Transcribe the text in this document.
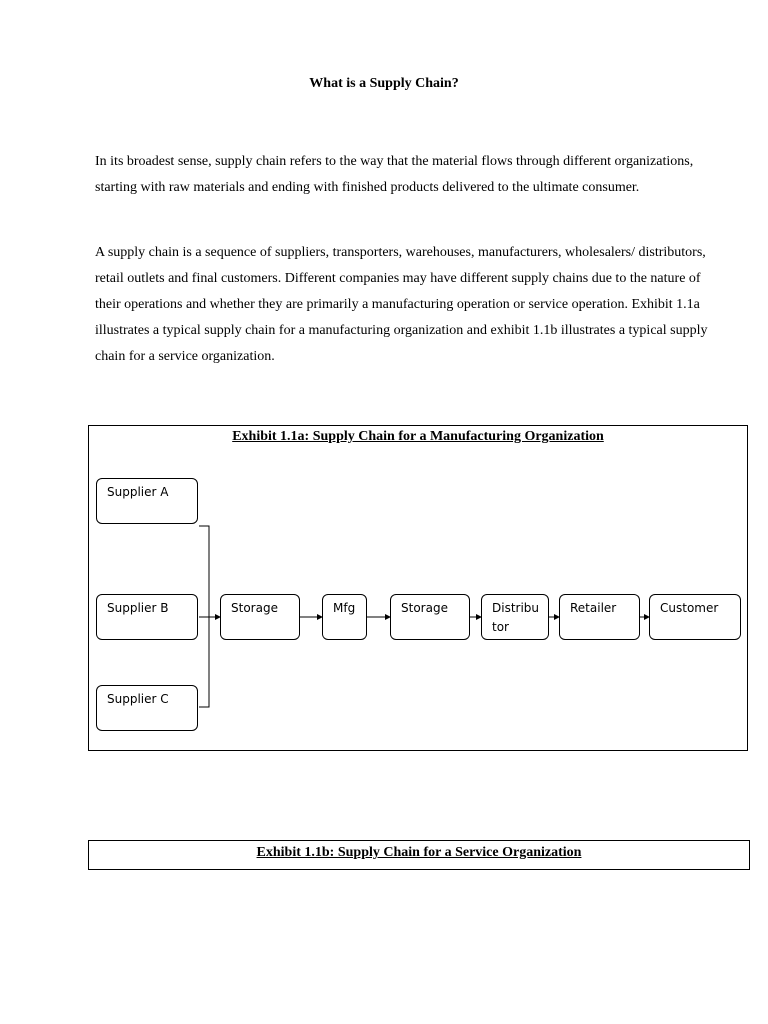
What is a Supply Chain?

In its broadest sense, supply chain refers to the way that the material flows through different organizations, starting with raw materials and ending with finished products delivered to the ultimate consumer.

A supply chain is a sequence of suppliers, transporters, warehouses, manufacturers, wholesalers/ distributors, retail outlets and final customers. Different companies may have different supply chains due to the nature of their operations and whether they are primarily a manufacturing operation or service operation. Exhibit 1.1a illustrates a typical supply chain for a manufacturing organization and exhibit 1.1b illustrates a typical supply chain for a service organization.

Exhibit 1.1a: Supply Chain for a Manufacturing Organization
Supplier A
Supplier B
Supplier C
Storage	Mfg	Storage	Distribu
tor
Retailer	Customer
Exhibit 1.1b: Supply Chain for a Service Organization
